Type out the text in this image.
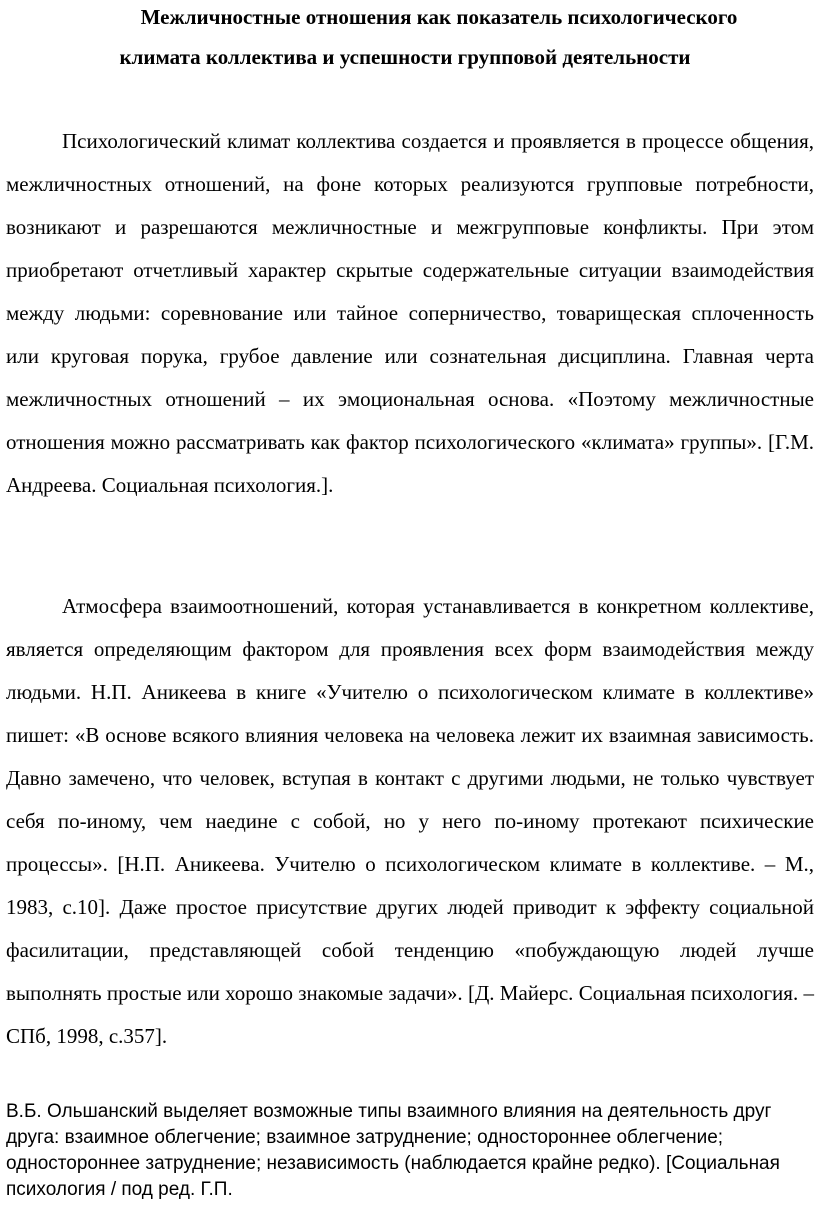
Межличностные отношения как показатель психологического
климата коллектива и успешности групповой деятельности

Психологический климат коллектива создается и проявляется в процессе общения, межличностных отношений, на фоне которых реализуются групповые потребности, возникают и разрешаются межличностные и межгрупповые конфликты. При этом приобретают отчетливый характер скрытые содержательные ситуации взаимодействия между людьми: соревнование или тайное соперничество, товарищеская сплоченность или круговая порука, грубое давление или сознательная дисциплина. Главная черта межличностных отношений – их эмоциональная основа. «Поэтому межличностные отношения можно рассматривать как фактор психологического «климата» группы». [Г.М. Андреева. Социальная психология.].

Атмосфера взаимоотношений, которая устанавливается в конкретном коллективе, является определяющим фактором для проявления всех форм взаимодействия между людьми. Н.П. Аникеева в книге «Учителю о психологическом климате в коллективе» пишет: «В основе всякого влияния человека на человека лежит их взаимная зависимость. Давно замечено, что человек, вступая в контакт с другими людьми, не только чувствует себя по-иному, чем наедине с собой, но у него по-иному протекают психические процессы». [Н.П. Аникеева. Учителю о психологическом климате в коллективе. – М., 1983, с.10]. Даже простое присутствие других людей приводит к эффекту социальной фасилитации, представляющей собой тенденцию «побуждающую людей лучше выполнять простые или хорошо знакомые задачи». [Д. Майерс. Социальная психология. – СПб, 1998, с.357].

В.Б. Ольшанский выделяет возможные типы взаимного влияния на деятельность друг друга: взаимное облегчение; взаимное затруднение; одностороннее облегчение; одностороннее затруднение; независимость (наблюдается крайне редко). [Социальная психология / под ред. Г.П.
